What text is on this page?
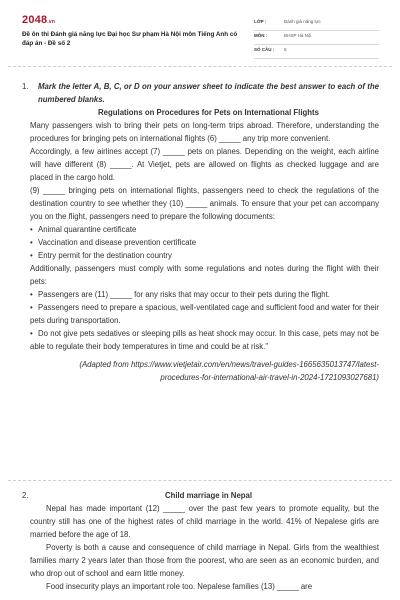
2048.vn
Đề ôn thi Đánh giá năng lực Đại học Sư phạm Hà Nội môn Tiếng Anh có đáp án - Đề số 2
LỚP :	Đánh giá năng lực
MÔN :	ĐHSP Hà Nội
SỐ CÂU : 5
1. Mark the letter A, B, C, or D on your answer sheet to indicate the best answer to each of the numbered blanks.
Regulations on Procedures for Pets on International Flights
Many passengers wish to bring their pets on long-term trips abroad. Therefore, understanding the procedures for bringing pets on international flights (6) _____ any trip more convenient.
Accordingly, a few airlines accept (7) _____ pets on planes. Depending on the weight, each airline will have different (8) _____. At Vietjet, pets are allowed on flights as checked luggage and are placed in the cargo hold.
(9) _____ bringing pets on international flights, passengers need to check the regulations of the destination country to see whether they (10) _____ animals. To ensure that your pet can accompany you on the flight, passengers need to prepare the following documents:
• Animal quarantine certificate
• Vaccination and disease prevention certificate
• Entry permit for the destination country
Additionally, passengers must comply with some regulations and notes during the flight with their pets:
• Passengers are (11) _____ for any risks that may occur to their pets during the flight.
• Passengers need to prepare a spacious, well-ventilated cage and sufficient food and water for their pets during transportation.
• Do not give pets sedatives or sleeping pills as heat shock may occur. In this case, pets may not be able to regulate their body temperatures in time and could be at risk."
(Adapted from https://www.vietjetair.com/en/news/travel-guides-1665635013747/latest-procedures-for-international-air-travel-in-2024-1721093027681)
2.	Child marriage in Nepal
Nepal has made important (12) _____ over the past few years to promote equality, but the country still has one of the highest rates of child marriage in the world. 41% of Nepalese girls are married before the age of 18.
Poverty is both a cause and consequence of child marriage in Nepal. Girls from the wealthiest families marry 2 years later than those from the poorest, who are seen as an economic burden, and who drop out of school and earn little money.
Food insecurity plays an important role too. Nepalese families (13) _____ are
